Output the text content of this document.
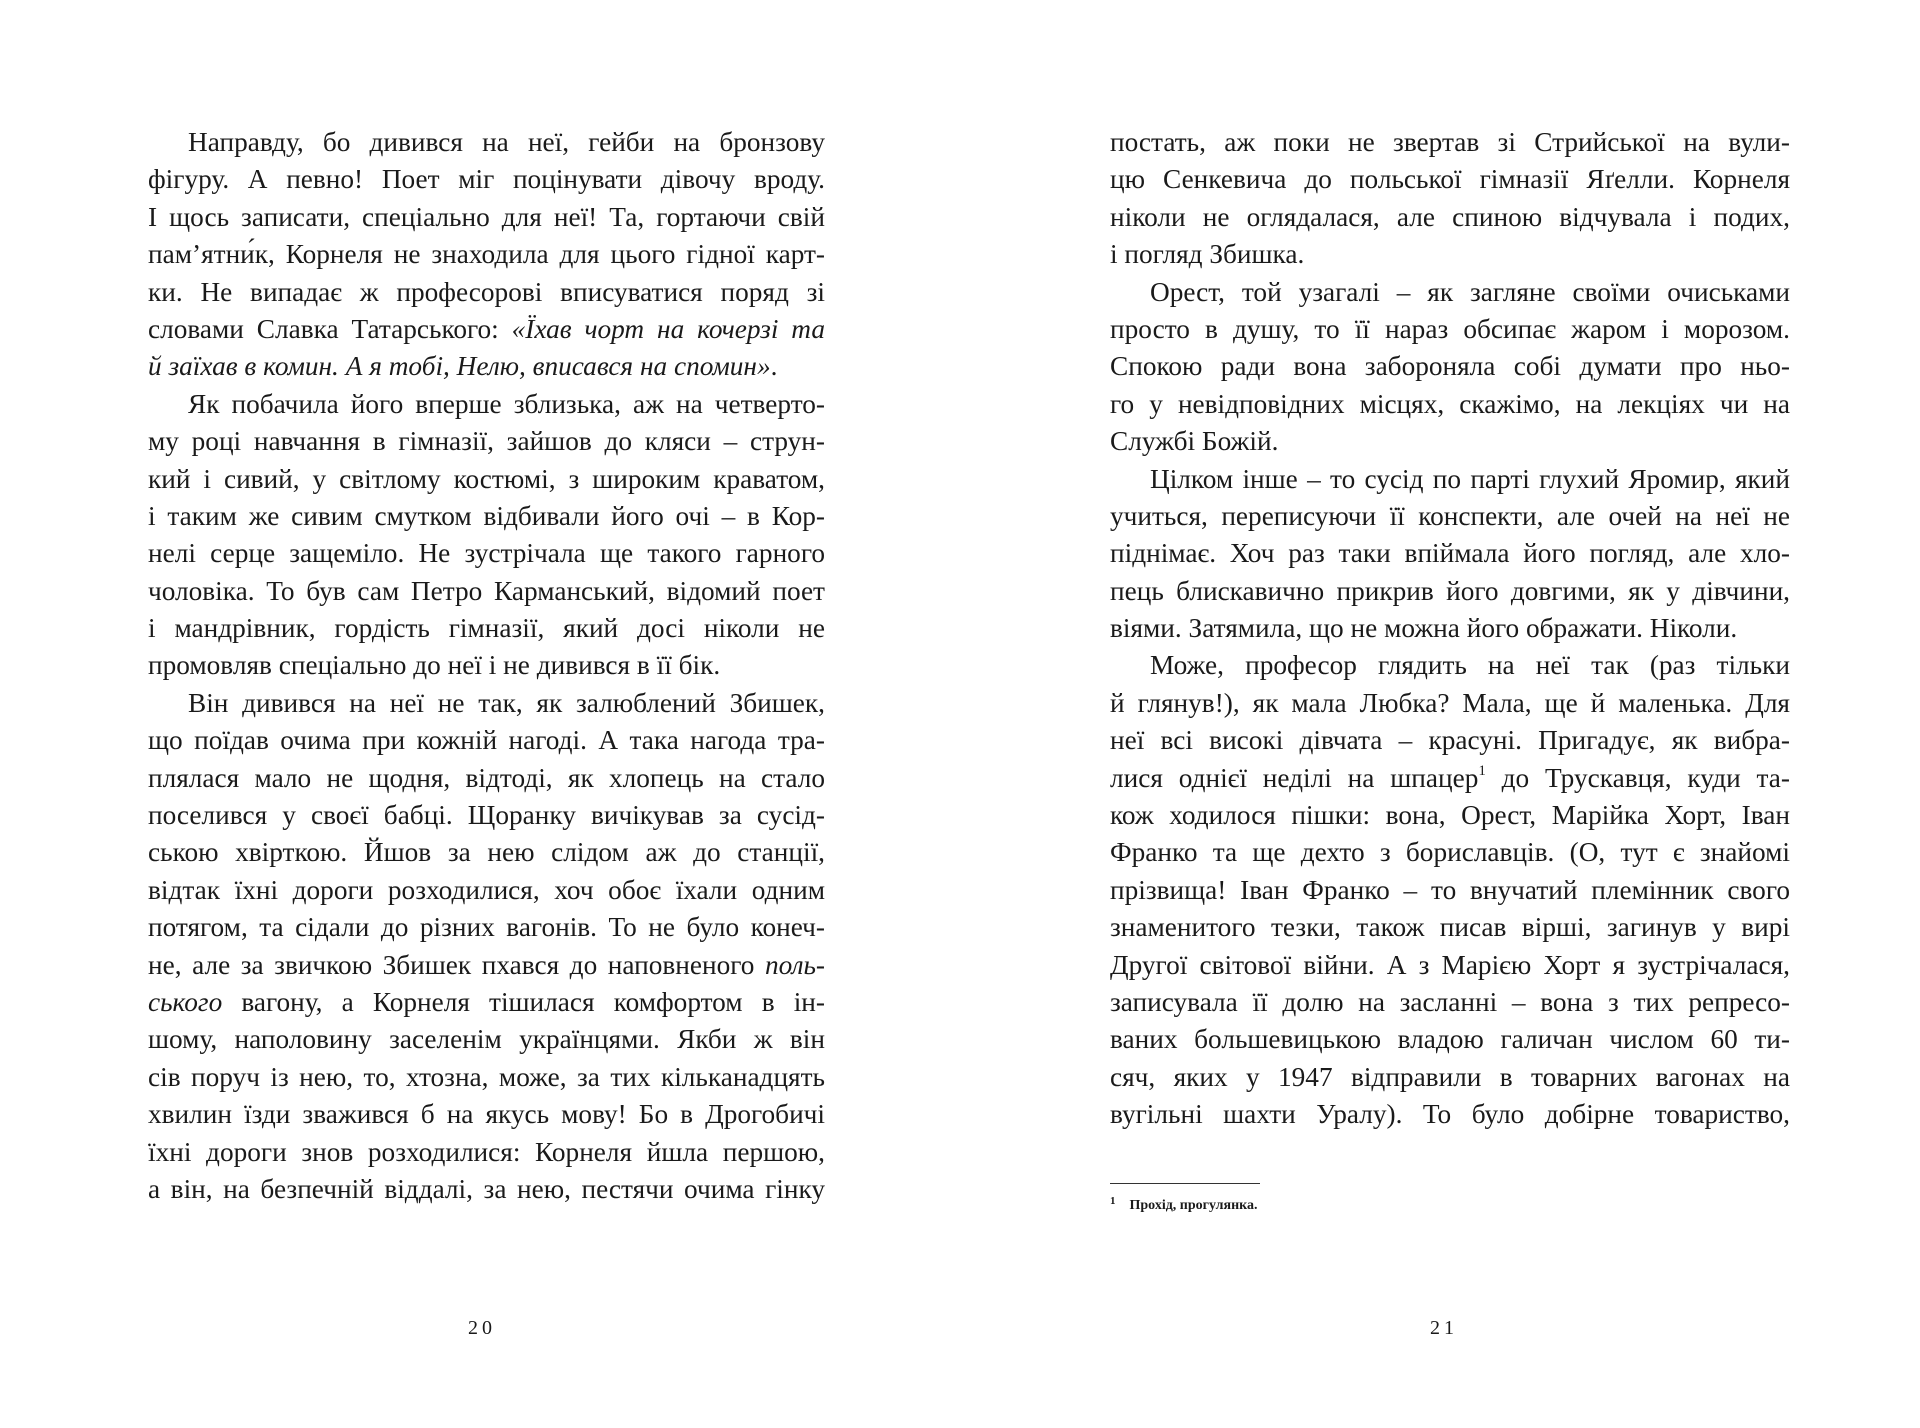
Направду, бо дивився на неї, гейби на бронзову
фігуру. А певно! Поет міг поцінувати дівочу вроду.
І щось записати, спеціально для неї! Та, гортаючи свій
пам’ятни́к, Корнеля не знаходила для цього гідної карт-
ки. Не випадає ж професорові вписуватися поряд зі
словами Славка Татарського: «Їхав чорт на кочерзі та
й заїхав в комин. А я тобі, Нелю, вписався на спомин».
Як побачила його вперше зблизька, аж на четверто-
му році навчання в гімназії, зайшов до кляси – струн-
кий і сивий, у світлому костюмі, з широким краватом,
і таким же сивим смутком відбивали його очі – в Кор-
нелі серце защеміло. Не зустрічала ще такого гарного
чоловіка. То був сам Петро Карманський, відомий поет
і мандрівник, гордість гімназії, який досі ніколи не
промовляв спеціально до неї і не дивився в її бік.
Він дивився на неї не так, як залюблений Збишек,
що поїдав очима при кожній нагоді. А така нагода тра-
плялася мало не щодня, відтоді, як хлопець на стало
поселився у своєї бабці. Щоранку вичікував за сусід-
ською хвірткою. Йшов за нею слідом аж до станції,
відтак їхні дороги розходилися, хоч обоє їхали одним
потягом, та сідали до різних вагонів. То не було конеч-
не, але за звичкою Збишек пхався до наповненого поль-
ського вагону, а Корнеля тішилася комфортом в ін-
шому, наполовину заселенім українцями. Якби ж він
сів поруч із нею, то, хтозна, може, за тих кільканадцять
хвилин їзди зважився б на якусь мову! Бо в Дрогобичі
їхні дороги знов розходилися: Корнеля йшла першою,
а він, на безпечній віддалі, за нею, пестячи очима гінку
20
постать, аж поки не звертав зі Стрийської на вули-
цю Сенкевича до польської гімназії Яґелли. Корнеля
ніколи не оглядалася, але спиною відчувала і подих,
і погляд Збишка.
Орест, той узагалі – як загляне своїми очиськами
просто в душу, то її нараз обсипає жаром і морозом.
Спокою ради вона забороняла собі думати про ньо-
го у невідповідних місцях, скажімо, на лекціях чи на
Службі Божій.
Цілком інше – то сусід по парті глухий Яромир, який
учиться, переписуючи її конспекти, але очей на неї не
піднімає. Хоч раз таки впіймала його погляд, але хло-
пець блискавично прикрив його довгими, як у дівчини,
віями. Затямила, що не можна його ображати. Ніколи.
Може, професор глядить на неї так (раз тільки
й глянув!), як мала Любка? Мала, ще й маленька. Для
неї всі високі дівчата – красуні. Пригадує, як вибра-
лися однієї неділі на шпацер$^1$ до Трускавця, куди та-
кож ходилося пішки: вона, Орест, Марійка Хорт, Іван
Франко та ще дехто з бориславців. (О, тут є знайомі
прізвища! Іван Франко – то внучатий племінник свого
знаменитого тезки, також писав вірші, загинув у вирі
Другої світової війни. А з Марією Хорт я зустрічалася,
записувала її долю на засланні – вона з тих репресо-
ваних большевицькою владою галичан числом 60 ти-
сяч, яких у 1947 відправили в товарних вагонах на
вугільні шахти Уралу). То було добірне товариство,
$^1$ Прохід, прогулянка.
21
